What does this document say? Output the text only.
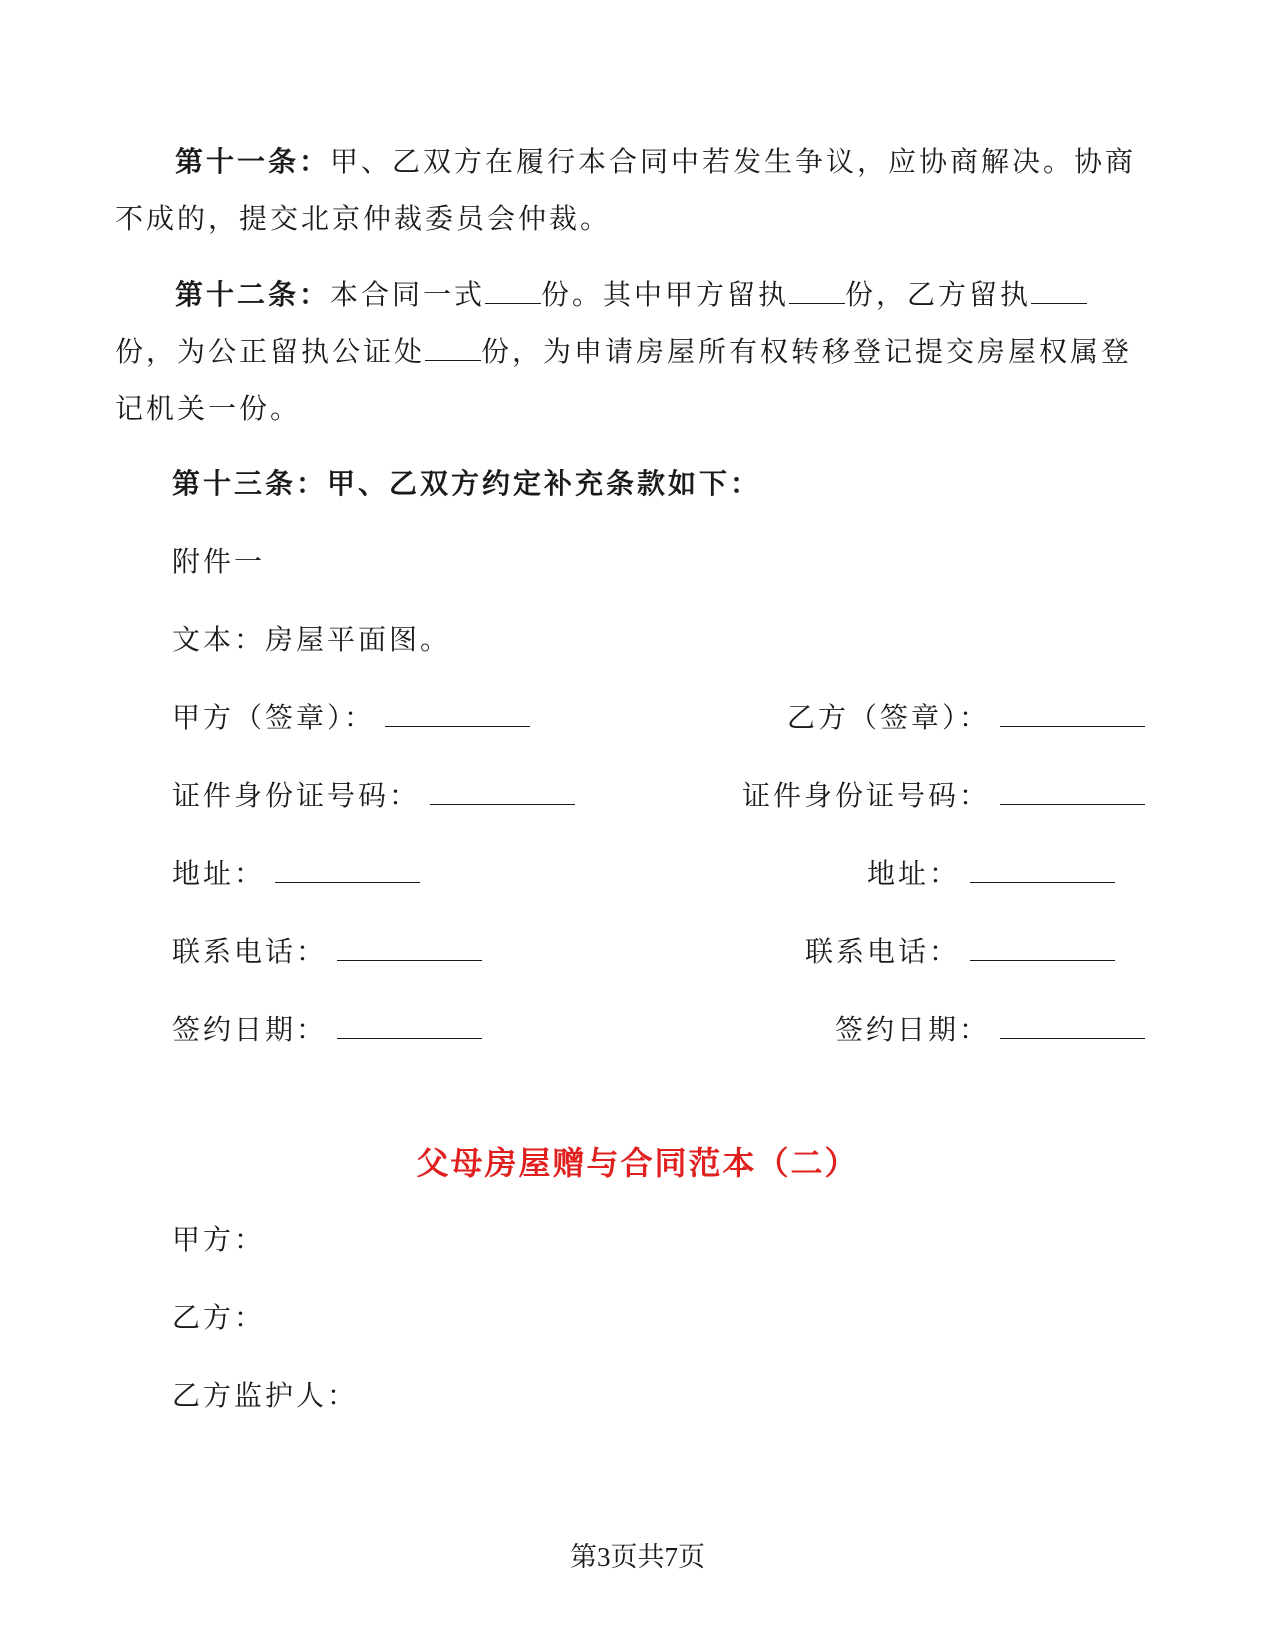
第十一条：甲、乙双方在履行本合同中若发生争议，应协商解决。协商不成的，提交北京仲裁委员会仲裁。

第十二条：本合同一式 份。其中甲方留执 份，乙方留执份，为公正留执公证处 份，为申请房屋所有权转移登记提交房屋权属登记机关一份。

第十三条：甲、乙双方约定补充条款如下：

附件一

文本：房屋平面图。

甲方（签章）：

证件身份证号码：

地址：

联系电话：

签约日期：

乙方（签章）：

证件身份证号码：

地址：

联系电话：

签约日期：

父母房屋赠与合同范本（二）

甲方：

乙方：

乙方监护人：

第3页共7页
